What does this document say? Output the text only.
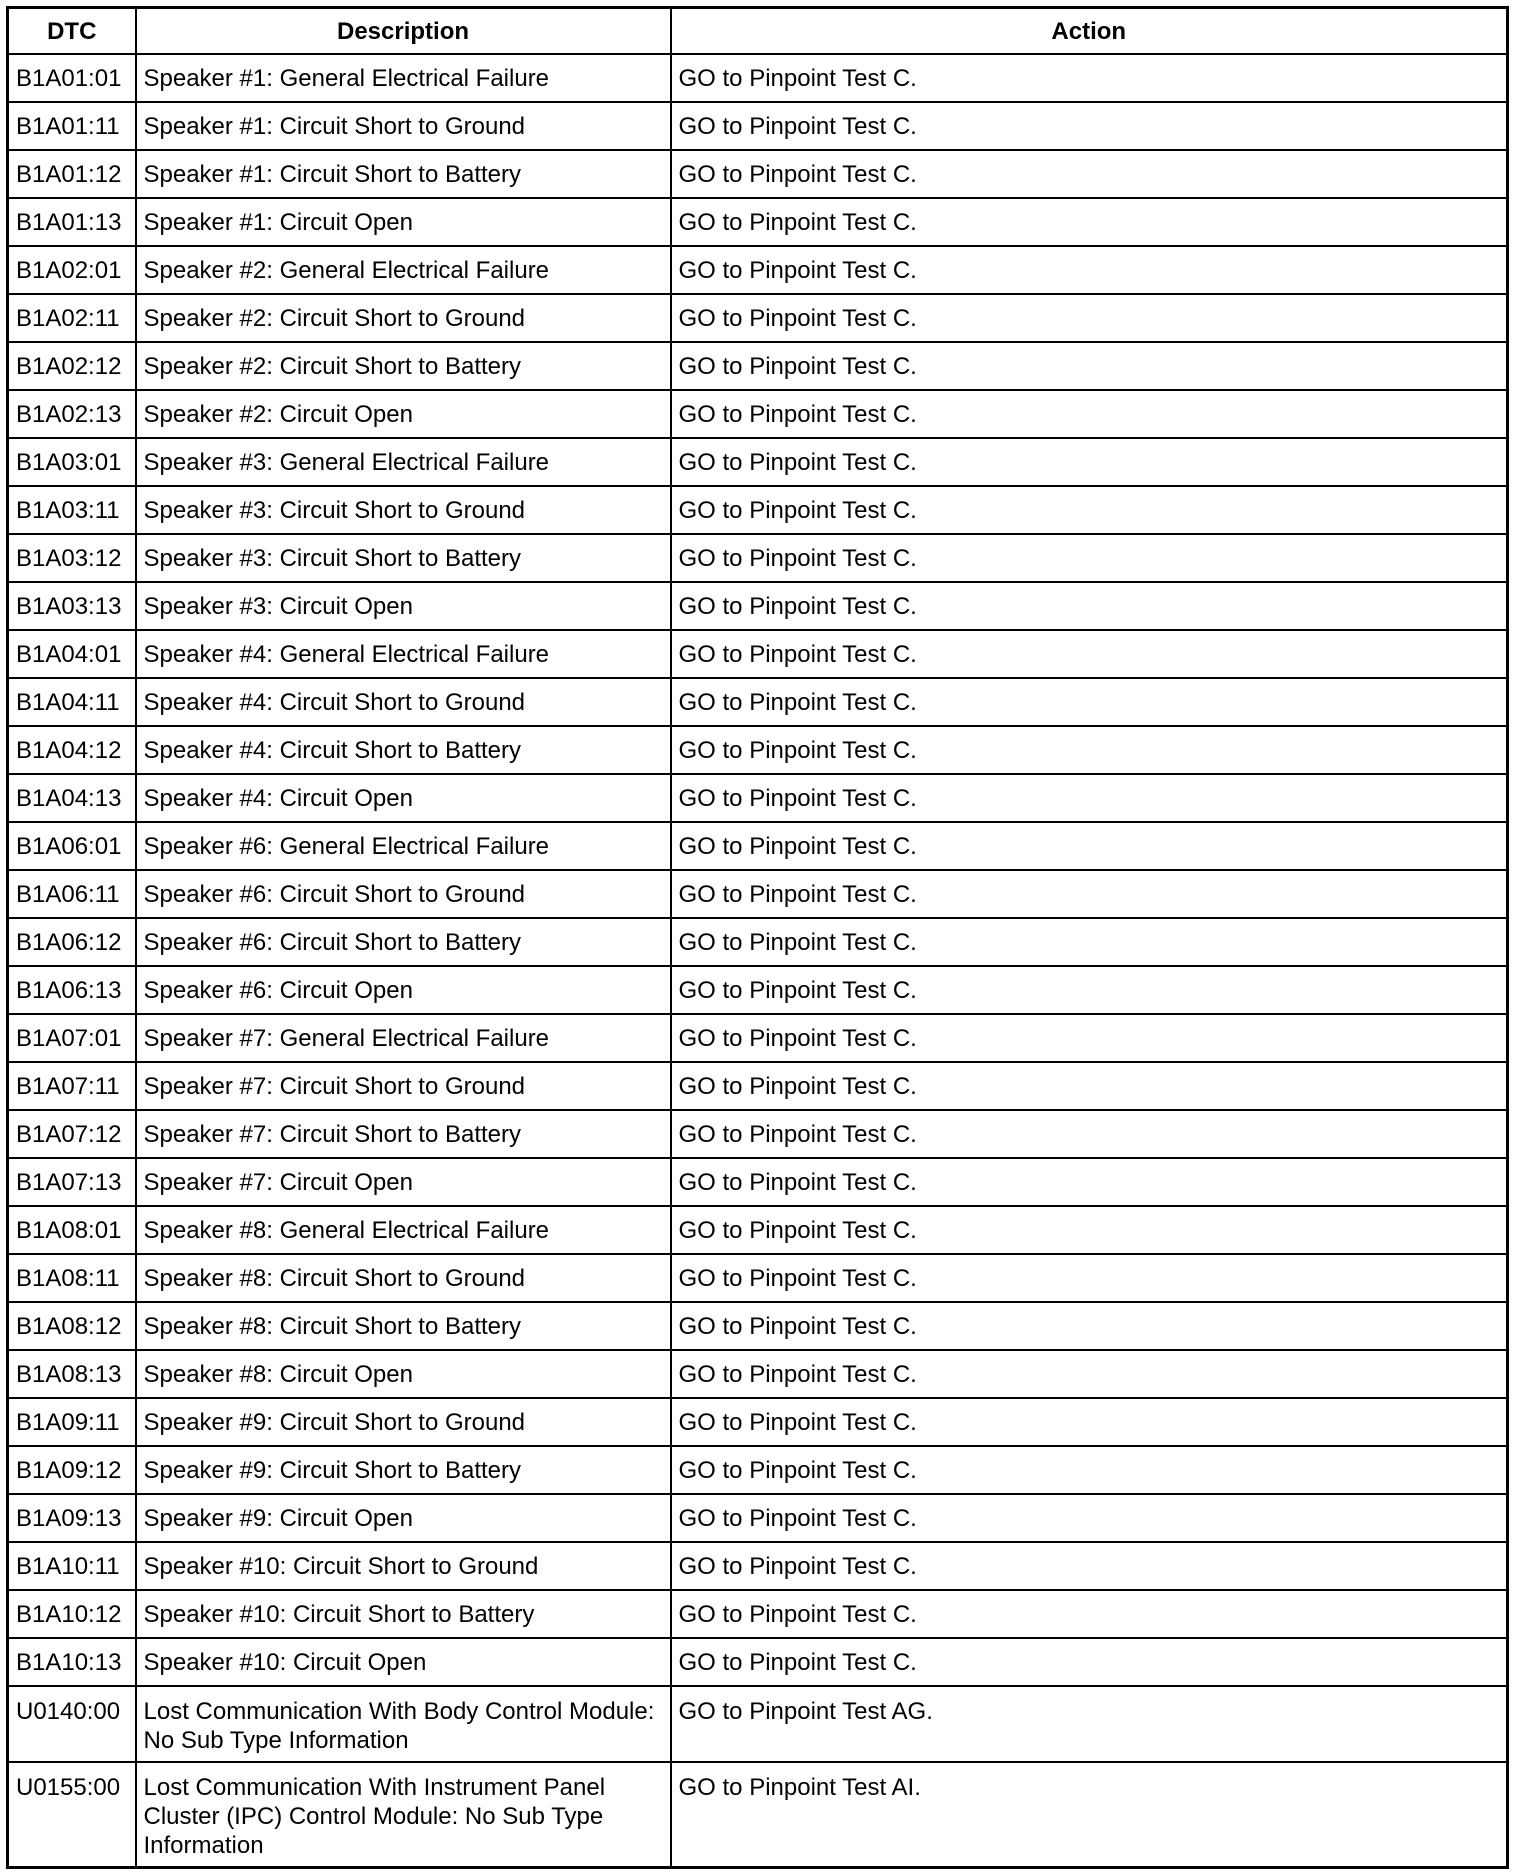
DTC	Description	Action
B1A01:01	Speaker #1: General Electrical Failure	GO to Pinpoint Test C.
B1A01:11	Speaker #1: Circuit Short to Ground	GO to Pinpoint Test C.
B1A01:12	Speaker #1: Circuit Short to Battery	GO to Pinpoint Test C.
B1A01:13	Speaker #1: Circuit Open	GO to Pinpoint Test C.
B1A02:01	Speaker #2: General Electrical Failure	GO to Pinpoint Test C.
B1A02:11	Speaker #2: Circuit Short to Ground	GO to Pinpoint Test C.
B1A02:12	Speaker #2: Circuit Short to Battery	GO to Pinpoint Test C.
B1A02:13	Speaker #2: Circuit Open	GO to Pinpoint Test C.
B1A03:01	Speaker #3: General Electrical Failure	GO to Pinpoint Test C.
B1A03:11	Speaker #3: Circuit Short to Ground	GO to Pinpoint Test C.
B1A03:12	Speaker #3: Circuit Short to Battery	GO to Pinpoint Test C.
B1A03:13	Speaker #3: Circuit Open	GO to Pinpoint Test C.
B1A04:01	Speaker #4: General Electrical Failure	GO to Pinpoint Test C.
B1A04:11	Speaker #4: Circuit Short to Ground	GO to Pinpoint Test C.
B1A04:12	Speaker #4: Circuit Short to Battery	GO to Pinpoint Test C.
B1A04:13	Speaker #4: Circuit Open	GO to Pinpoint Test C.
B1A06:01	Speaker #6: General Electrical Failure	GO to Pinpoint Test C.
B1A06:11	Speaker #6: Circuit Short to Ground	GO to Pinpoint Test C.
B1A06:12	Speaker #6: Circuit Short to Battery	GO to Pinpoint Test C.
B1A06:13	Speaker #6: Circuit Open	GO to Pinpoint Test C.
B1A07:01	Speaker #7: General Electrical Failure	GO to Pinpoint Test C.
B1A07:11	Speaker #7: Circuit Short to Ground	GO to Pinpoint Test C.
B1A07:12	Speaker #7: Circuit Short to Battery	GO to Pinpoint Test C.
B1A07:13	Speaker #7: Circuit Open	GO to Pinpoint Test C.
B1A08:01	Speaker #8: General Electrical Failure	GO to Pinpoint Test C.
B1A08:11	Speaker #8: Circuit Short to Ground	GO to Pinpoint Test C.
B1A08:12	Speaker #8: Circuit Short to Battery	GO to Pinpoint Test C.
B1A08:13	Speaker #8: Circuit Open	GO to Pinpoint Test C.
B1A09:11	Speaker #9: Circuit Short to Ground	GO to Pinpoint Test C.
B1A09:12	Speaker #9: Circuit Short to Battery	GO to Pinpoint Test C.
B1A09:13	Speaker #9: Circuit Open	GO to Pinpoint Test C.
B1A10:11	Speaker #10: Circuit Short to Ground	GO to Pinpoint Test C.
B1A10:12	Speaker #10: Circuit Short to Battery	GO to Pinpoint Test C.
B1A10:13	Speaker #10: Circuit Open	GO to Pinpoint Test C.
U0140:00	Lost Communication With Body Control Module: No Sub Type Information	GO to Pinpoint Test AG.
U0155:00	Lost Communication With Instrument Panel Cluster (IPC) Control Module: No Sub Type Information	GO to Pinpoint Test AI.
